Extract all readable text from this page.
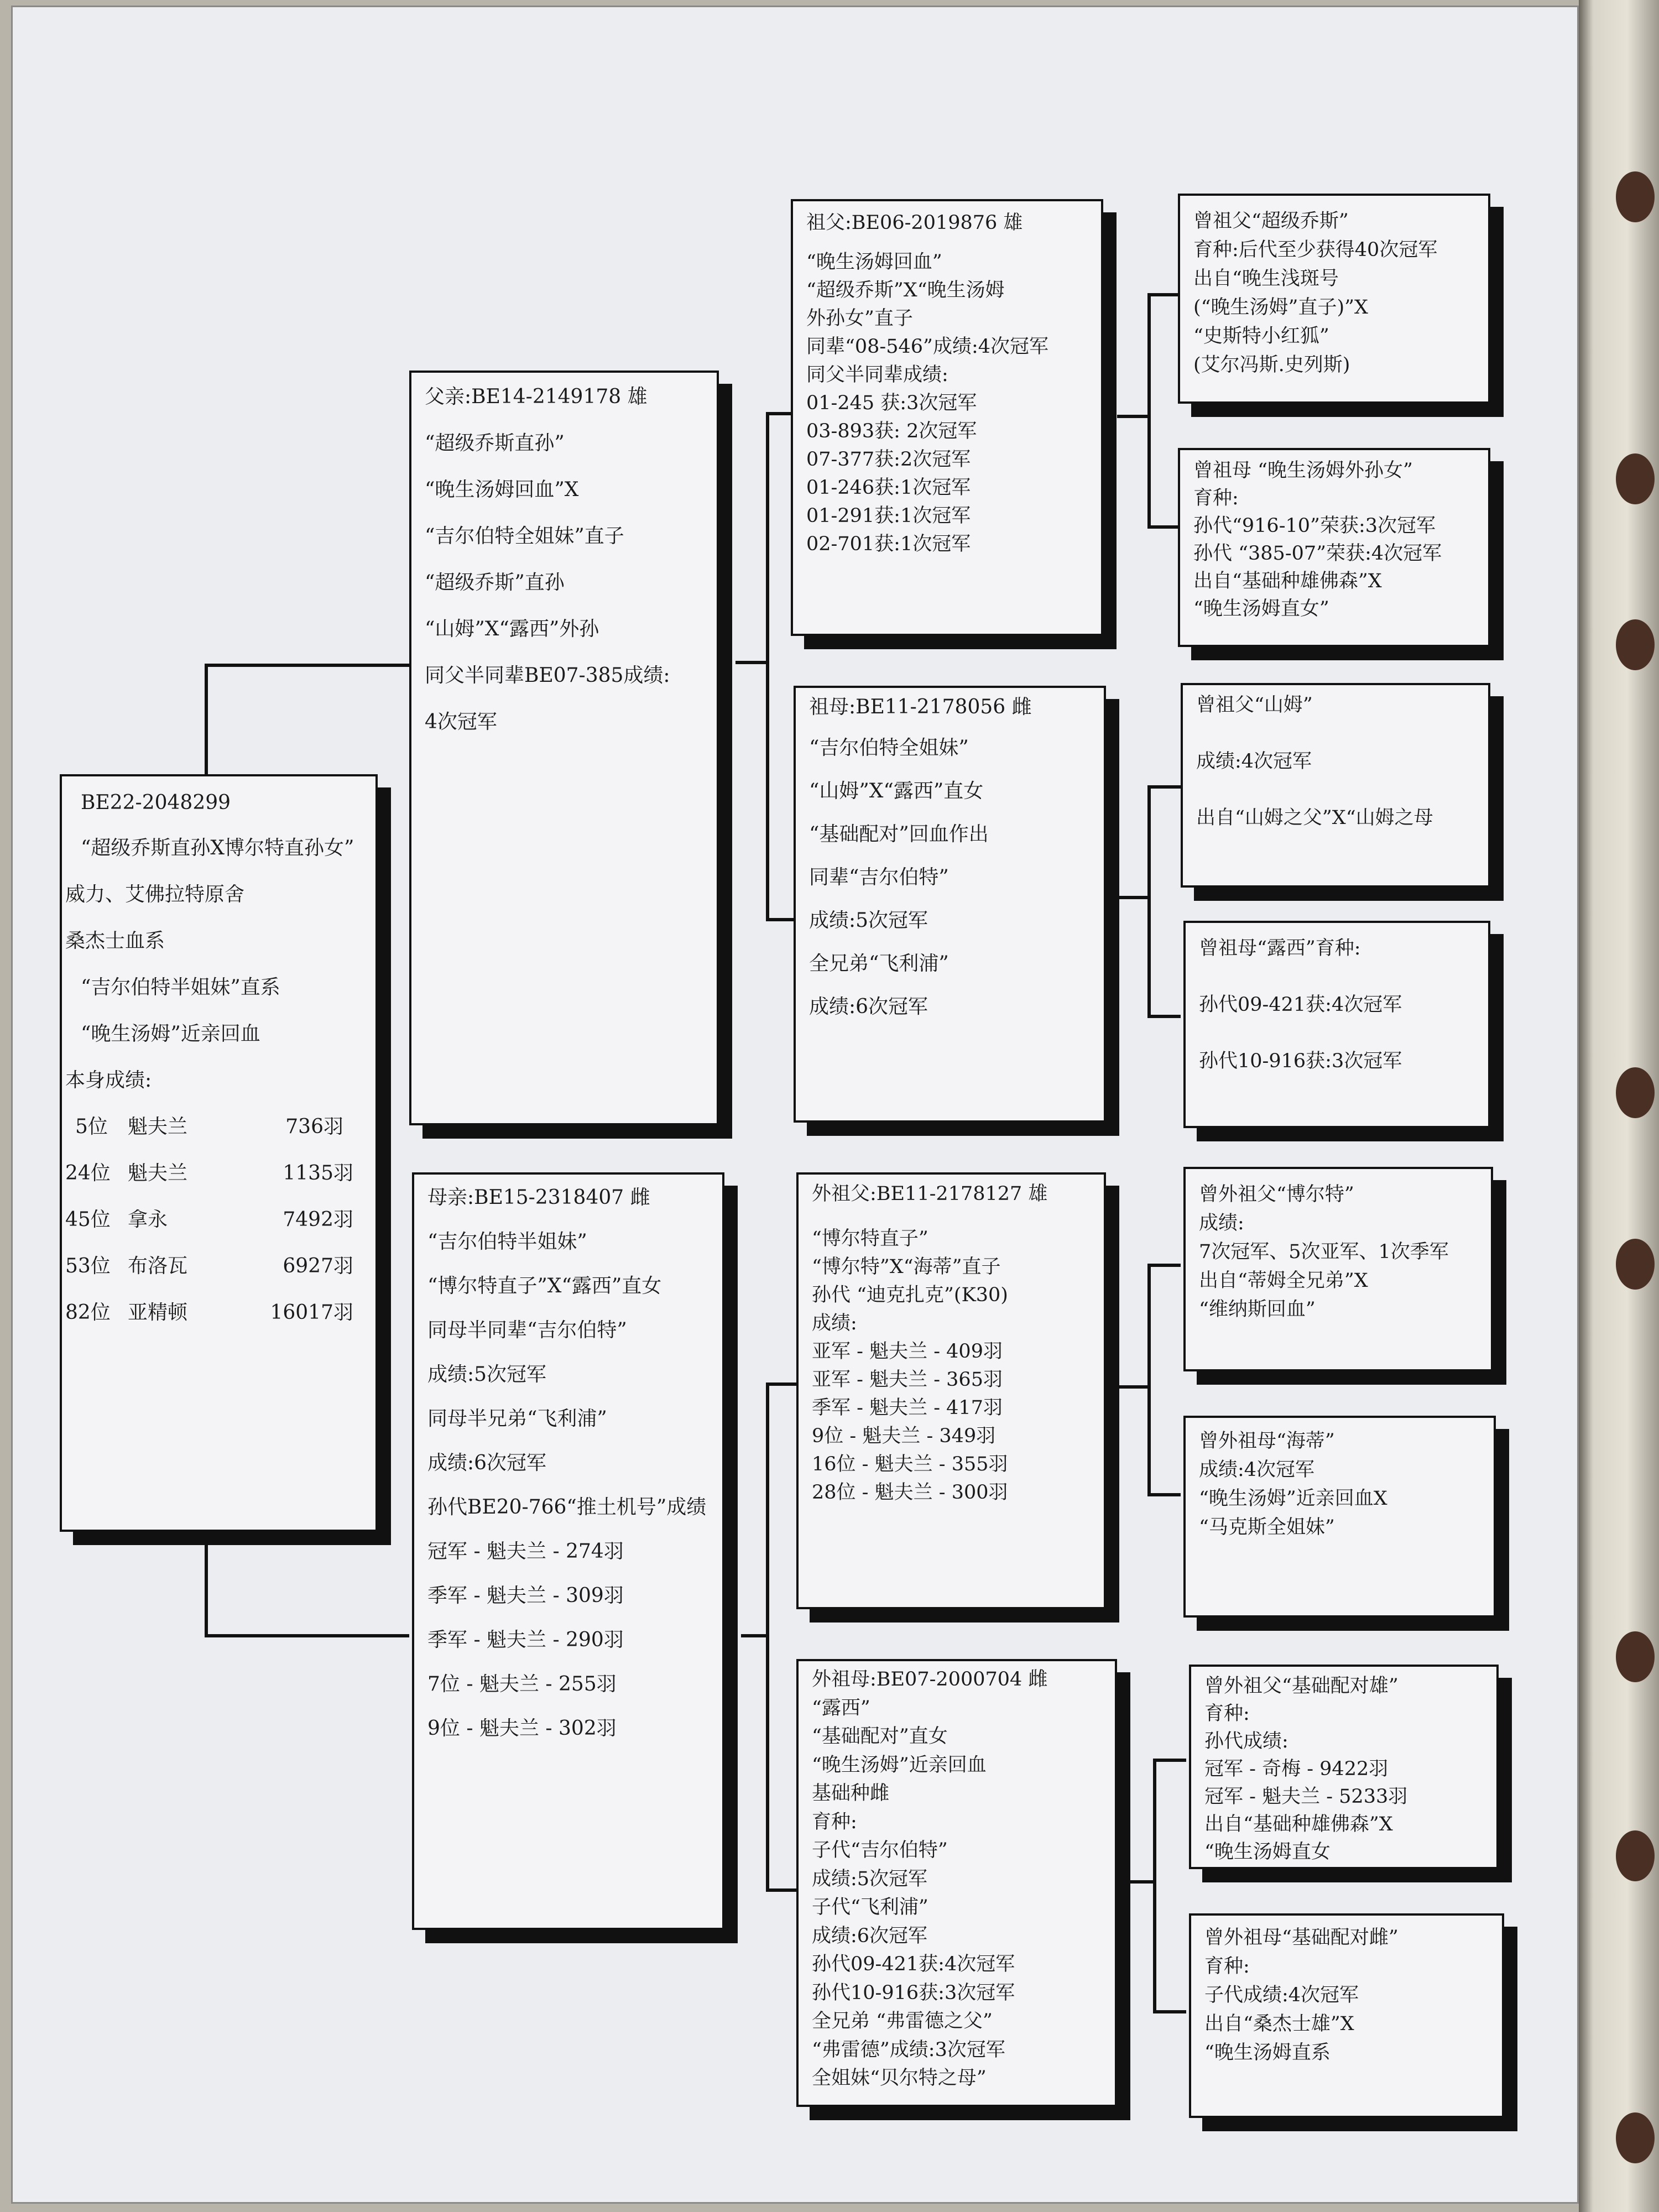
BE22-2048299

“超级乔斯直孙X博尔特直孙女”

威力、艾佛拉特原舍

桑杰士血系

“吉尔伯特半姐妹”直系

“晚生汤姆”近亲回血

本身成绩:

5位	魁夫兰	736羽
24位 魁夫兰	1135羽
45位 拿永	7492羽
53位 布洛瓦	6927羽
82位 亚精顿	16017羽

父亲:BE14-2149178 雄

“超级乔斯直孙”

“晚生汤姆回血”X

“吉尔伯特全姐妹”直子

“超级乔斯”直孙

“山姆”X“露西”外孙

同父半同辈BE07-385成绩:

4次冠军

母亲:BE15-2318407 雌

“吉尔伯特半姐妹”

“博尔特直子”X“露西”直女

同母半同辈“吉尔伯特”

成绩:5次冠军

同母半兄弟“飞利浦”

成绩:6次冠军

孙代BE20-766“推土机号”成绩

冠军 - 魁夫兰 - 274羽

季军 - 魁夫兰 - 309羽

季军 - 魁夫兰 - 290羽

7位 - 魁夫兰 - 255羽

9位 - 魁夫兰 - 302羽

祖父:BE06-2019876 雄

“晚生汤姆回血”

“超级乔斯”X“晚生汤姆

外孙女”直子

同辈“08-546”成绩:4次冠军

同父半同辈成绩:

01-245 获:3次冠军

03-893获: 2次冠军

07-377获:2次冠军

01-246获:1次冠军

01-291获:1次冠军

02-701获:1次冠军

祖母:BE11-2178056 雌

“吉尔伯特全姐妹”

“山姆”X“露西”直女

“基础配对”回血作出

同辈“吉尔伯特”

成绩:5次冠军

全兄弟“飞利浦”

成绩:6次冠军

外祖父:BE11-2178127 雄

“博尔特直子”

“博尔特”X“海蒂”直子

孙代 “迪克扎克”(K30)

成绩:

亚军 - 魁夫兰 - 409羽

亚军 - 魁夫兰 - 365羽

季军 - 魁夫兰 - 417羽

9位 - 魁夫兰 - 349羽

16位 - 魁夫兰 - 355羽

28位 - 魁夫兰 - 300羽

外祖母:BE07-2000704 雌

“露西”

“基础配对”直女

“晚生汤姆”近亲回血

基础种雌

育种:

子代“吉尔伯特”

成绩:5次冠军

子代“飞利浦”

成绩:6次冠军

孙代09-421获:4次冠军

孙代10-916获:3次冠军

全兄弟 “弗雷德之父”

“弗雷德”成绩:3次冠军

全姐妹“贝尔特之母”

曾祖父“超级乔斯”

育种:后代至少获得40次冠军

出自“晚生浅斑号

(“晚生汤姆”直子)”X

“史斯特小红狐”

(艾尔冯斯.史列斯)

曾祖母 “晚生汤姆外孙女”

育种:

孙代“916-10”荣获:3次冠军

孙代 “385-07”荣获:4次冠军

出自“基础种雄佛森”X

“晚生汤姆直女”

曾祖父“山姆”

成绩:4次冠军

出自“山姆之父”X“山姆之母

曾祖母“露西”育种:

孙代09-421获:4次冠军

孙代10-916获:3次冠军

曾外祖父“博尔特”

成绩:

7次冠军、5次亚军、1次季军

出自“蒂姆全兄弟”X

“维纳斯回血”

曾外祖母“海蒂”

成绩:4次冠军

“晚生汤姆”近亲回血X

“马克斯全姐妹”

曾外祖父“基础配对雄”

育种:

孙代成绩:

冠军 - 奇梅 - 9422羽

冠军 - 魁夫兰 - 5233羽

出自“基础种雄佛森”X

“晚生汤姆直女

曾外祖母“基础配对雌”

育种:

子代成绩:4次冠军

出自“桑杰士雄”X

“晚生汤姆直系
